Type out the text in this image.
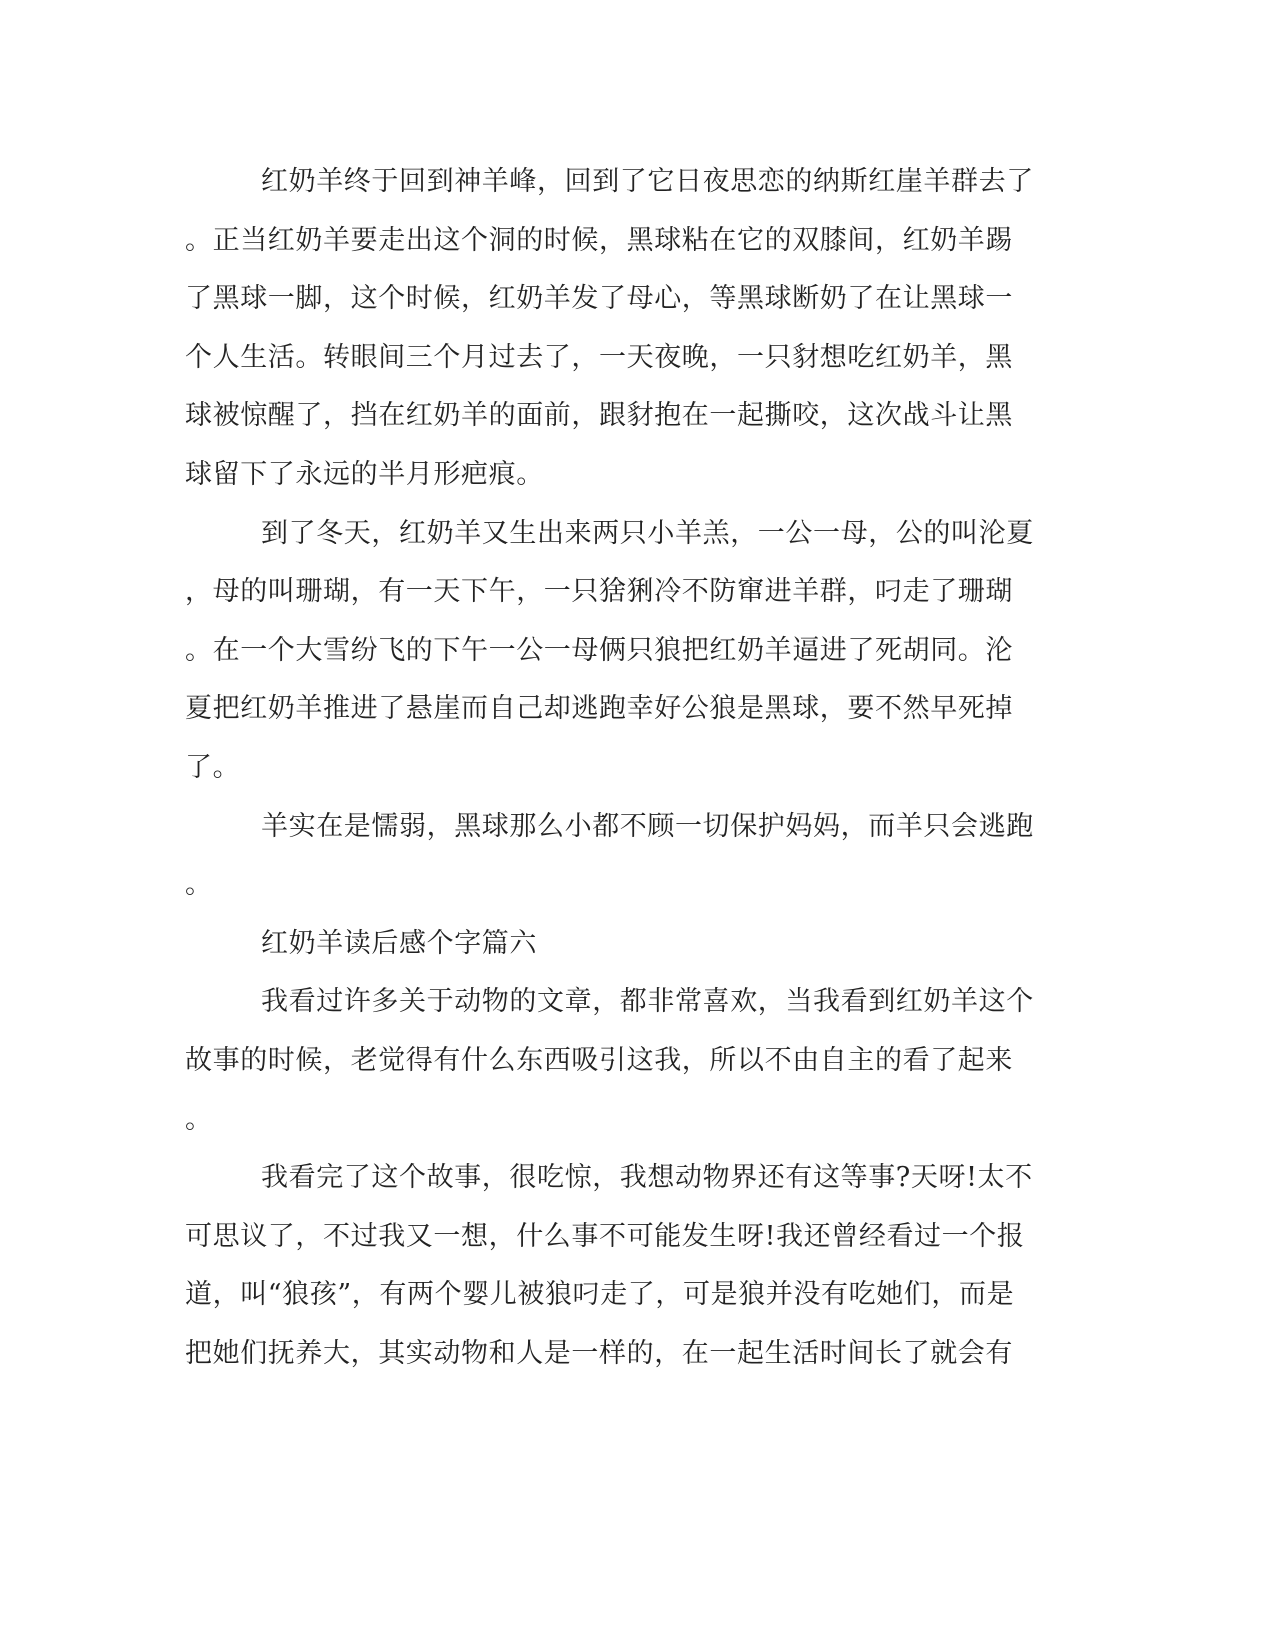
红奶羊终于回到神羊峰，回到了它日夜思恋的纳斯红崖羊群去了
。正当红奶羊要走出这个洞的时候，黑球粘在它的双膝间，红奶羊踢
了黑球一脚，这个时候，红奶羊发了母心，等黑球断奶了在让黑球一
个人生活。转眼间三个月过去了，一天夜晚，一只豺想吃红奶羊，黑
球被惊醒了，挡在红奶羊的面前，跟豺抱在一起撕咬，这次战斗让黑
球留下了永远的半月形疤痕。
到了冬天，红奶羊又生出来两只小羊羔，一公一母，公的叫沦夏
，母的叫珊瑚，有一天下午，一只猞猁冷不防窜进羊群，叼走了珊瑚
。在一个大雪纷飞的下午一公一母俩只狼把红奶羊逼进了死胡同。沦
夏把红奶羊推进了悬崖而自己却逃跑幸好公狼是黑球，要不然早死掉
了。
羊实在是懦弱，黑球那么小都不顾一切保护妈妈，而羊只会逃跑
。
红奶羊读后感个字篇六
我看过许多关于动物的文章，都非常喜欢，当我看到红奶羊这个
故事的时候，老觉得有什么东西吸引这我，所以不由自主的看了起来
。
我看完了这个故事，很吃惊，我想动物界还有这等事?天呀!太不
可思议了，不过我又一想，什么事不可能发生呀!我还曾经看过一个报
道，叫“狼孩”，有两个婴儿被狼叼走了，可是狼并没有吃她们，而是
把她们抚养大，其实动物和人是一样的，在一起生活时间长了就会有
